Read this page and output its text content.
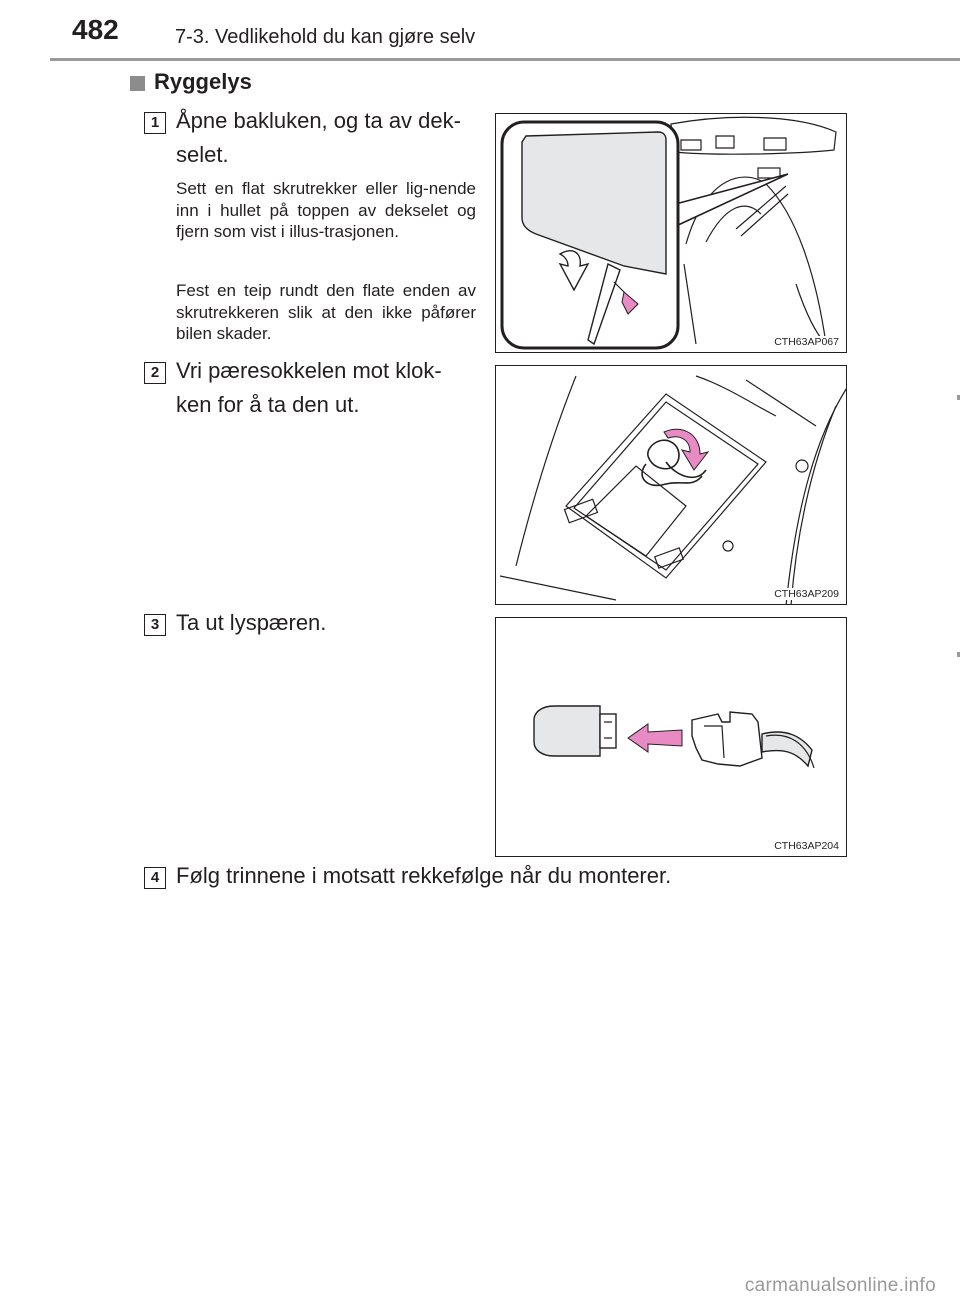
482	7-3. Vedlikehold du kan gjøre selv
Ryggelys
1 Åpne bakluken, og ta av dek-
selet.
Sett en flat skrutrekker eller lig-nende inn i hullet på toppen av dekselet og fjern som vist i illus-trasjonen.
Fest en teip rundt den flate enden av skrutrekkeren slik at den ikke påfører bilen skader.	CTH63AP067
2 Vri pæresokkelen mot klok-
ken for å ta den ut.
CTH63AP209
3 Ta ut lyspæren.
CTH63AP204
4 Følg trinnene i motsatt rekkefølge når du monterer.
carmanualsonline.info
